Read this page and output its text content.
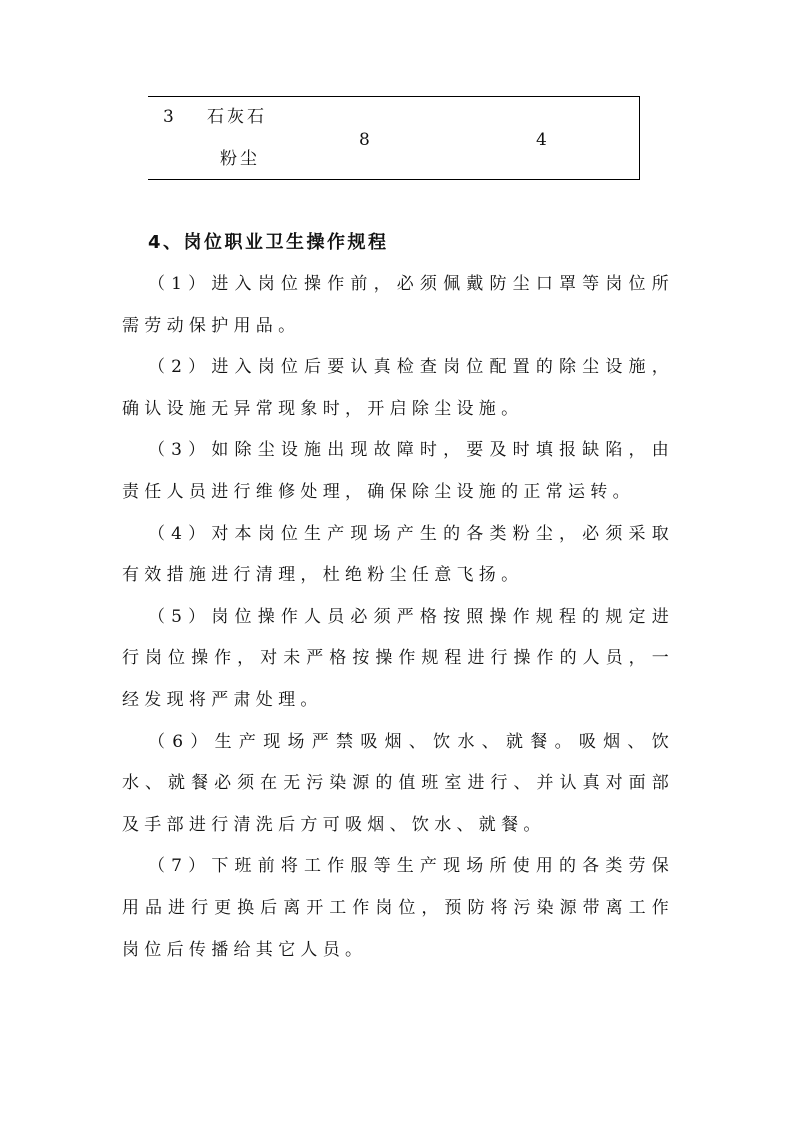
3 石灰石
粉尘
8	4
4、岗位职业卫生操作规程

（1）进入岗位操作前，必须佩戴防尘口罩等岗位所需劳动保护用品。

（2）进入岗位后要认真检查岗位配置的除尘设施，确认设施无异常现象时，开启除尘设施。

（3）如除尘设施出现故障时，要及时填报缺陷，由责任人员进行维修处理，确保除尘设施的正常运转。

（4）对本岗位生产现场产生的各类粉尘，必须采取有效措施进行清理，杜绝粉尘任意飞扬。

（5）岗位操作人员必须严格按照操作规程的规定进行岗位操作，对未严格按操作规程进行操作的人员，一经发现将严肃处理。

（6）生产现场严禁吸烟、饮水、就餐。吸烟、饮水、就餐必须在无污染源的值班室进行、并认真对面部及手部进行清洗后方可吸烟、饮水、就餐。

（7）下班前将工作服等生产现场所使用的各类劳保用品进行更换后离开工作岗位，预防将污染源带离工作岗位后传播给其它人员。
